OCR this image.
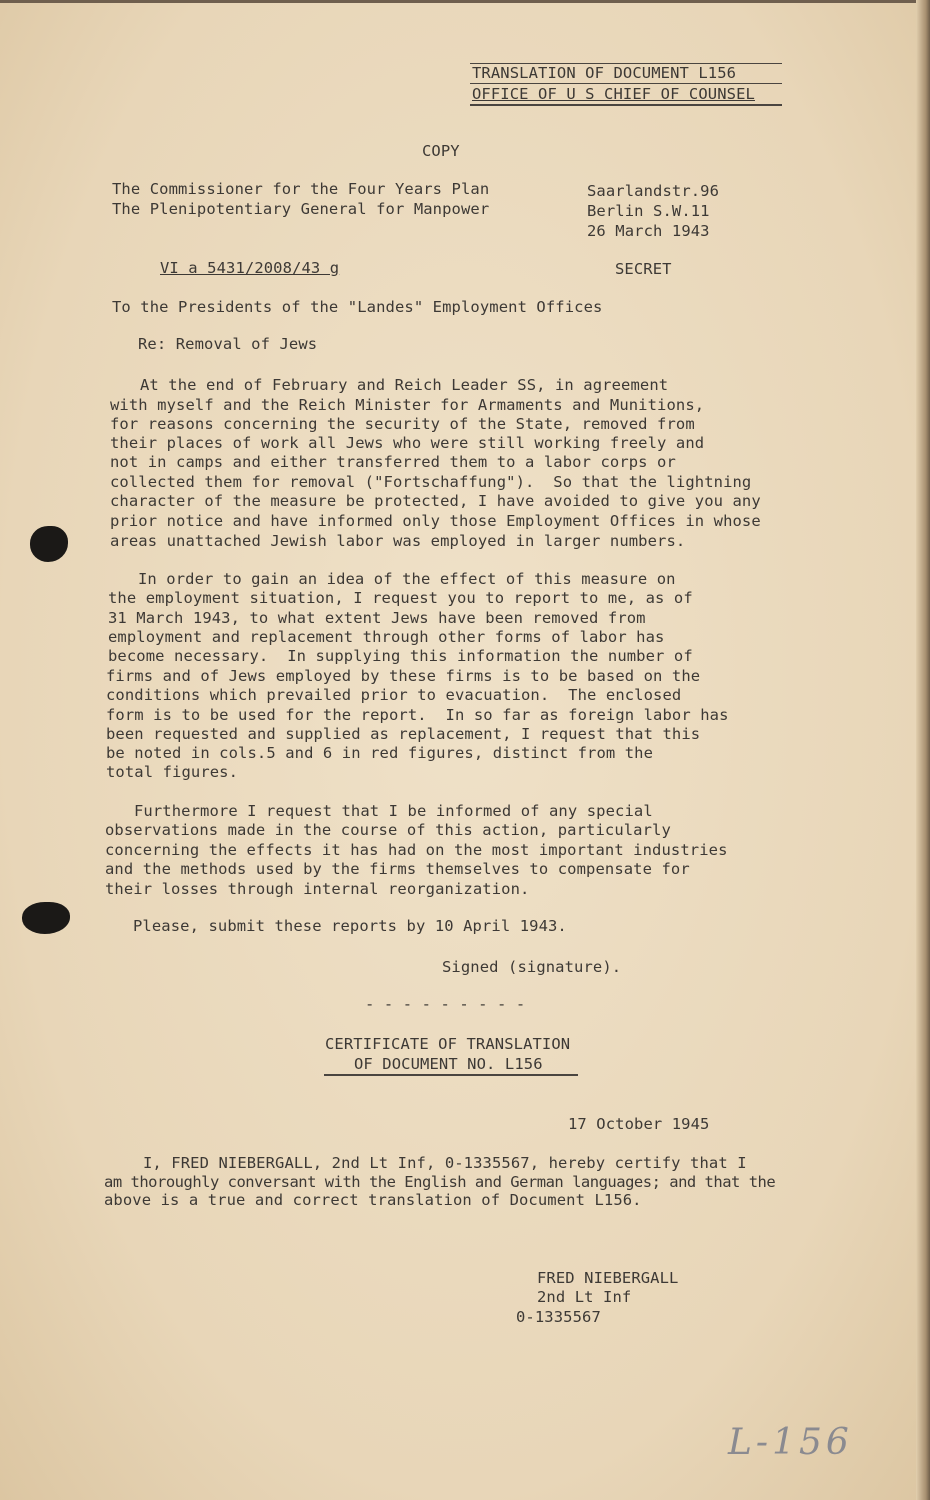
TRANSLATION OF DOCUMENT L156
OFFICE OF U S CHIEF OF COUNSEL
COPY
The Commissioner for the Four Years Plan
The Plenipotentiary General for Manpower
Saarlandstr.96
Berlin S.W.11
26 March 1943
VI a 5431/2008/43 g	SECRET
To the Presidents of the "Landes" Employment Offices
Re: Removal of Jews
At the end of February and Reich Leader SS, in agreement
with myself and the Reich Minister for Armaments and Munitions,
for reasons concerning the security of the State, removed from
their places of work all Jews who were still working freely and
not in camps and either transferred them to a labor corps or
collected them for removal ("Fortschaffung").  So that the lightning
character of the measure be protected, I have avoided to give you any
prior notice and have informed only those Employment Offices in whose
areas unattached Jewish labor was employed in larger numbers.
In order to gain an idea of the effect of this measure on
the employment situation, I request you to report to me, as of
31 March 1943, to what extent Jews have been removed from
employment and replacement through other forms of labor has
become necessary.  In supplying this information the number of
firms and of Jews employed by these firms is to be based on the
conditions which prevailed prior to evacuation.  The enclosed
form is to be used for the report.  In so far as foreign labor has
been requested and supplied as replacement, I request that this
be noted in cols.5 and 6 in red figures, distinct from the
total figures.
Furthermore I request that I be informed of any special
observations made in the course of this action, particularly
concerning the effects it has had on the most important industries
and the methods used by the firms themselves to compensate for
their losses through internal reorganization.
Please, submit these reports by 10 April 1943.
Signed (signature).
- - - - - - - - -
CERTIFICATE OF TRANSLATION
OF DOCUMENT NO. L156
17 October 1945
I, FRED NIEBERGALL, 2nd Lt Inf, 0-1335567, hereby certify that I
am thoroughly conversant with the English and German languages; and that the
above is a true and correct translation of Document L156.
FRED NIEBERGALL
2nd Lt Inf
0-1335567
L-156
